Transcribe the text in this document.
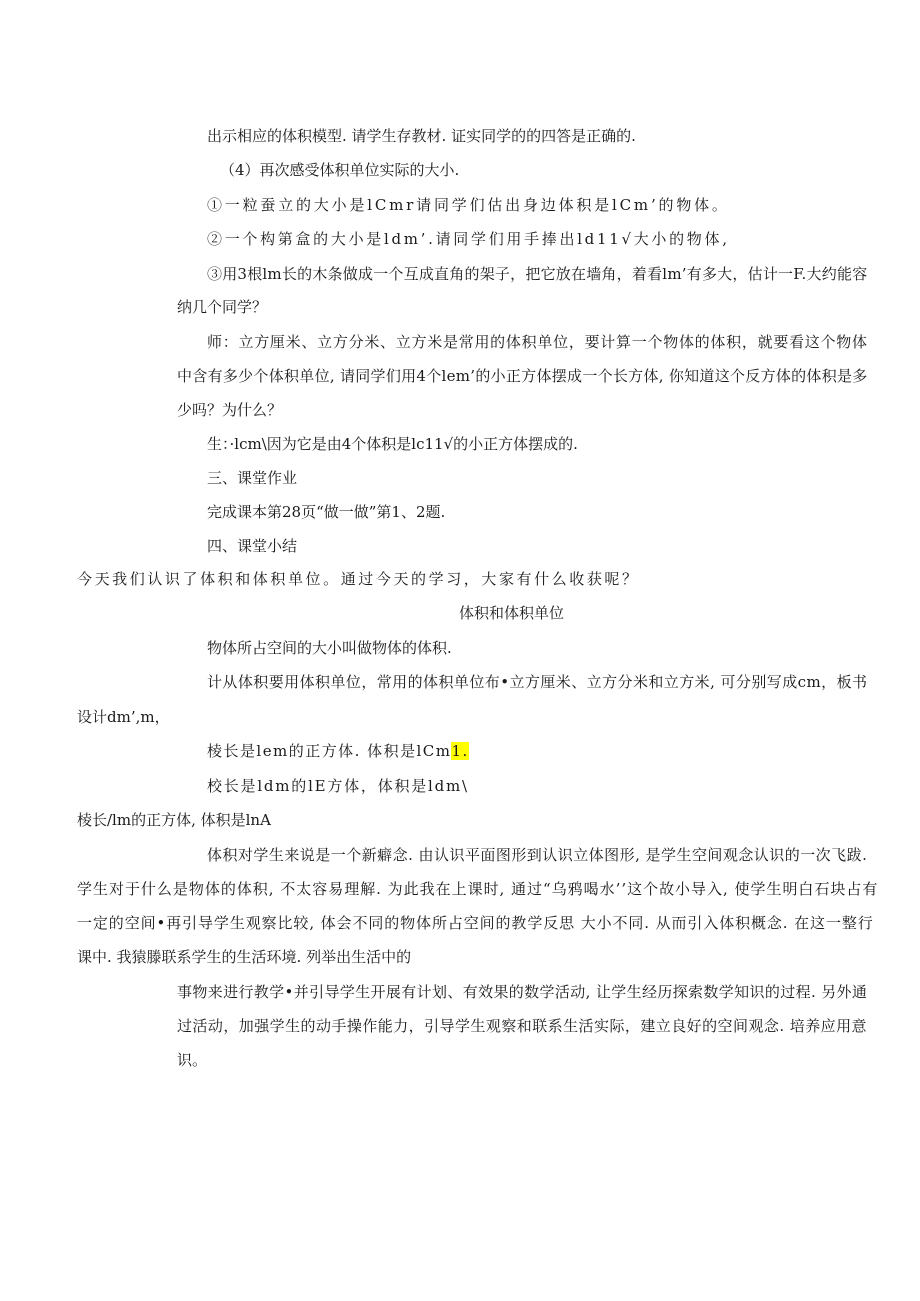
出示相应的体积模型. 请学生存教材. 证实同学的的四答是正确的.
（4）再次感受体积单位实际的大小.
①一粒蚕立的大小是lCmr请同学们估出身边体积是lCm’的物体。
②一个构第盒的大小是ldm’.请同学们用手捧出ld11√大小的物体,
③用3根lm长的木条做成一个互成直角的架子，把它放在墙角，着看lm’有多大，估计一F.大约能容
纳几个同学？
师：立方厘米、立方分米、立方米是常用的体积单位，要计算一个物体的体积，就要看这个物体
中含有多少个体积单位, 请同学们用4个lem’的小正方体摆成一个长方体, 你知道这个反方体的体积是多
少吗？为什么？
生：·lcm\因为它是由4个体积是lc11√的小正方体摆成的.
三、课堂作业
完成课本第28页“做一做”第1、2题.
四、课堂小结
今天我们认识了体积和体积单位。通过今天的学习，大家有什么收获呢？
体积和体积单位
物体所占空间的大小叫做物体的体积.
计从体积要用体积单位，常用的体积单位布•立方厘米、立方分米和立方米, 可分别写成cm，板书
设计dm’,m，
棱长是lem的正方体. 体积是lCm1.
校长是ldm的lE方体，体积是ldm\
棱长/lm的正方体, 体积是lnA
体积对学生来说是一个新癖念. 由认识平面图形到认识立体图形, 是学生空间观念认识的一次飞跋.
学生对于什么是物体的体积, 不太容易理解. 为此我在上课时, 通过“乌鸦喝水’’这个故小导入, 使学生明白石块占有
一定的空间•再引导学生观察比较, 体会不同的物体所占空间的教学反思 大小不同. 从而引入体积概念. 在这一整行
课中. 我猿滕联系学生的生活环境. 列举出生活中的
事物来进行教学•并引导学生开展有计划、有效果的数学活动, 让学生经历探索数学知识的过程. 另外通
过活动，加强学生的动手操作能力，引导学生观察和联系生活实际，建立良好的空间观念. 培养应用意
识。
